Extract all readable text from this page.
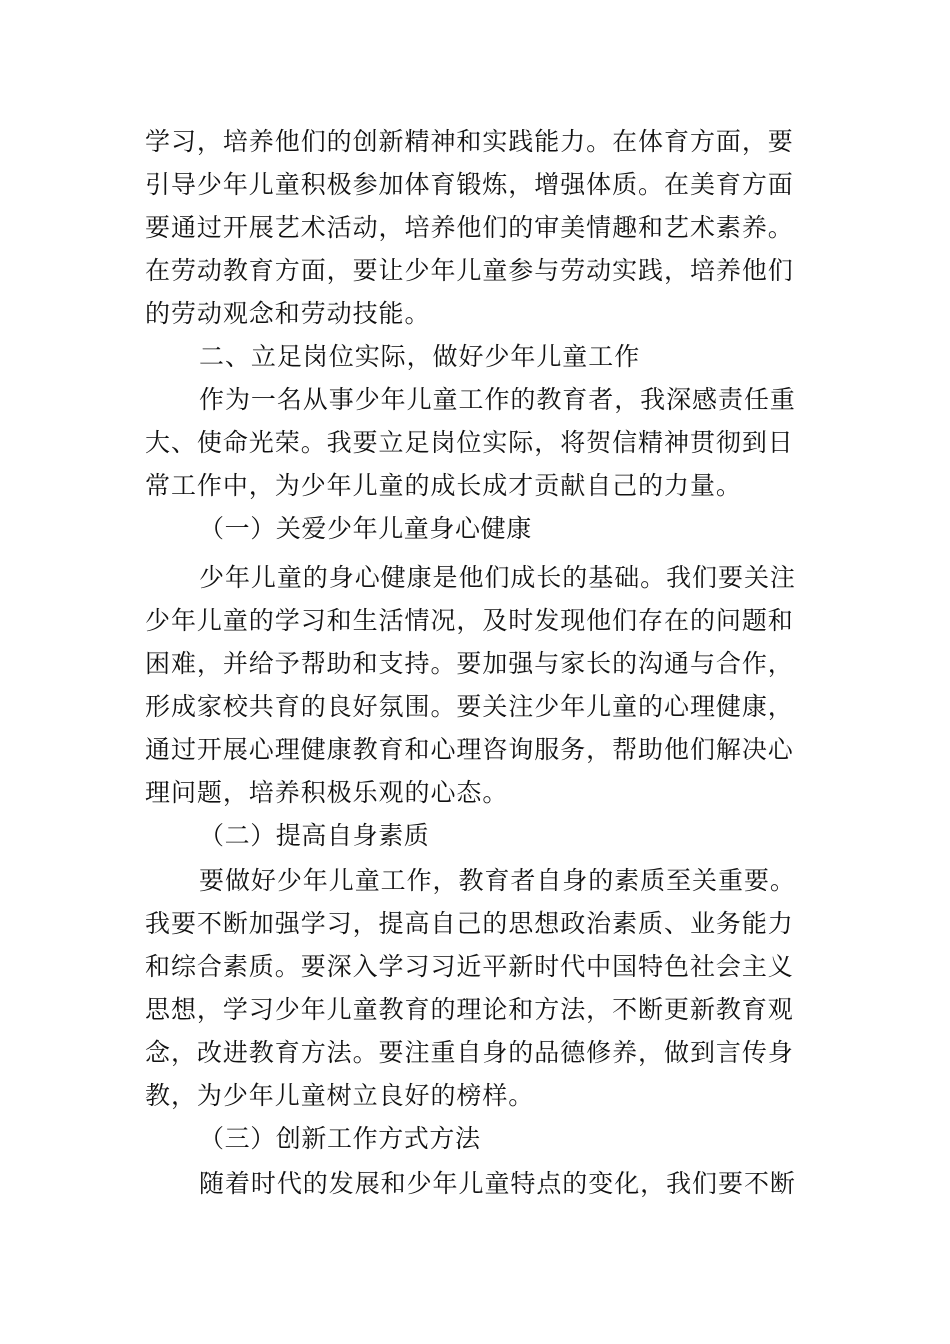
学习，培养他们的创新精神和实践能力。在体育方面，要
引导少年儿童积极参加体育锻炼，增强体质。在美育方面
要通过开展艺术活动，培养他们的审美情趣和艺术素养。
在劳动教育方面，要让少年儿童参与劳动实践，培养他们
的劳动观念和劳动技能。
二、立足岗位实际，做好少年儿童工作
作为一名从事少年儿童工作的教育者，我深感责任重
大、使命光荣。我要立足岗位实际，将贺信精神贯彻到日
常工作中，为少年儿童的成长成才贡献自己的力量。
（一）关爱少年儿童身心健康
少年儿童的身心健康是他们成长的基础。我们要关注
少年儿童的学习和生活情况，及时发现他们存在的问题和
困难，并给予帮助和支持。要加强与家长的沟通与合作，
形成家校共育的良好氛围。要关注少年儿童的心理健康，
通过开展心理健康教育和心理咨询服务，帮助他们解决心
理问题，培养积极乐观的心态。
（二）提高自身素质
要做好少年儿童工作，教育者自身的素质至关重要。
我要不断加强学习，提高自己的思想政治素质、业务能力
和综合素质。要深入学习习近平新时代中国特色社会主义
思想，学习少年儿童教育的理论和方法，不断更新教育观
念，改进教育方法。要注重自身的品德修养，做到言传身
教，为少年儿童树立良好的榜样。
（三）创新工作方式方法
随着时代的发展和少年儿童特点的变化，我们要不断
